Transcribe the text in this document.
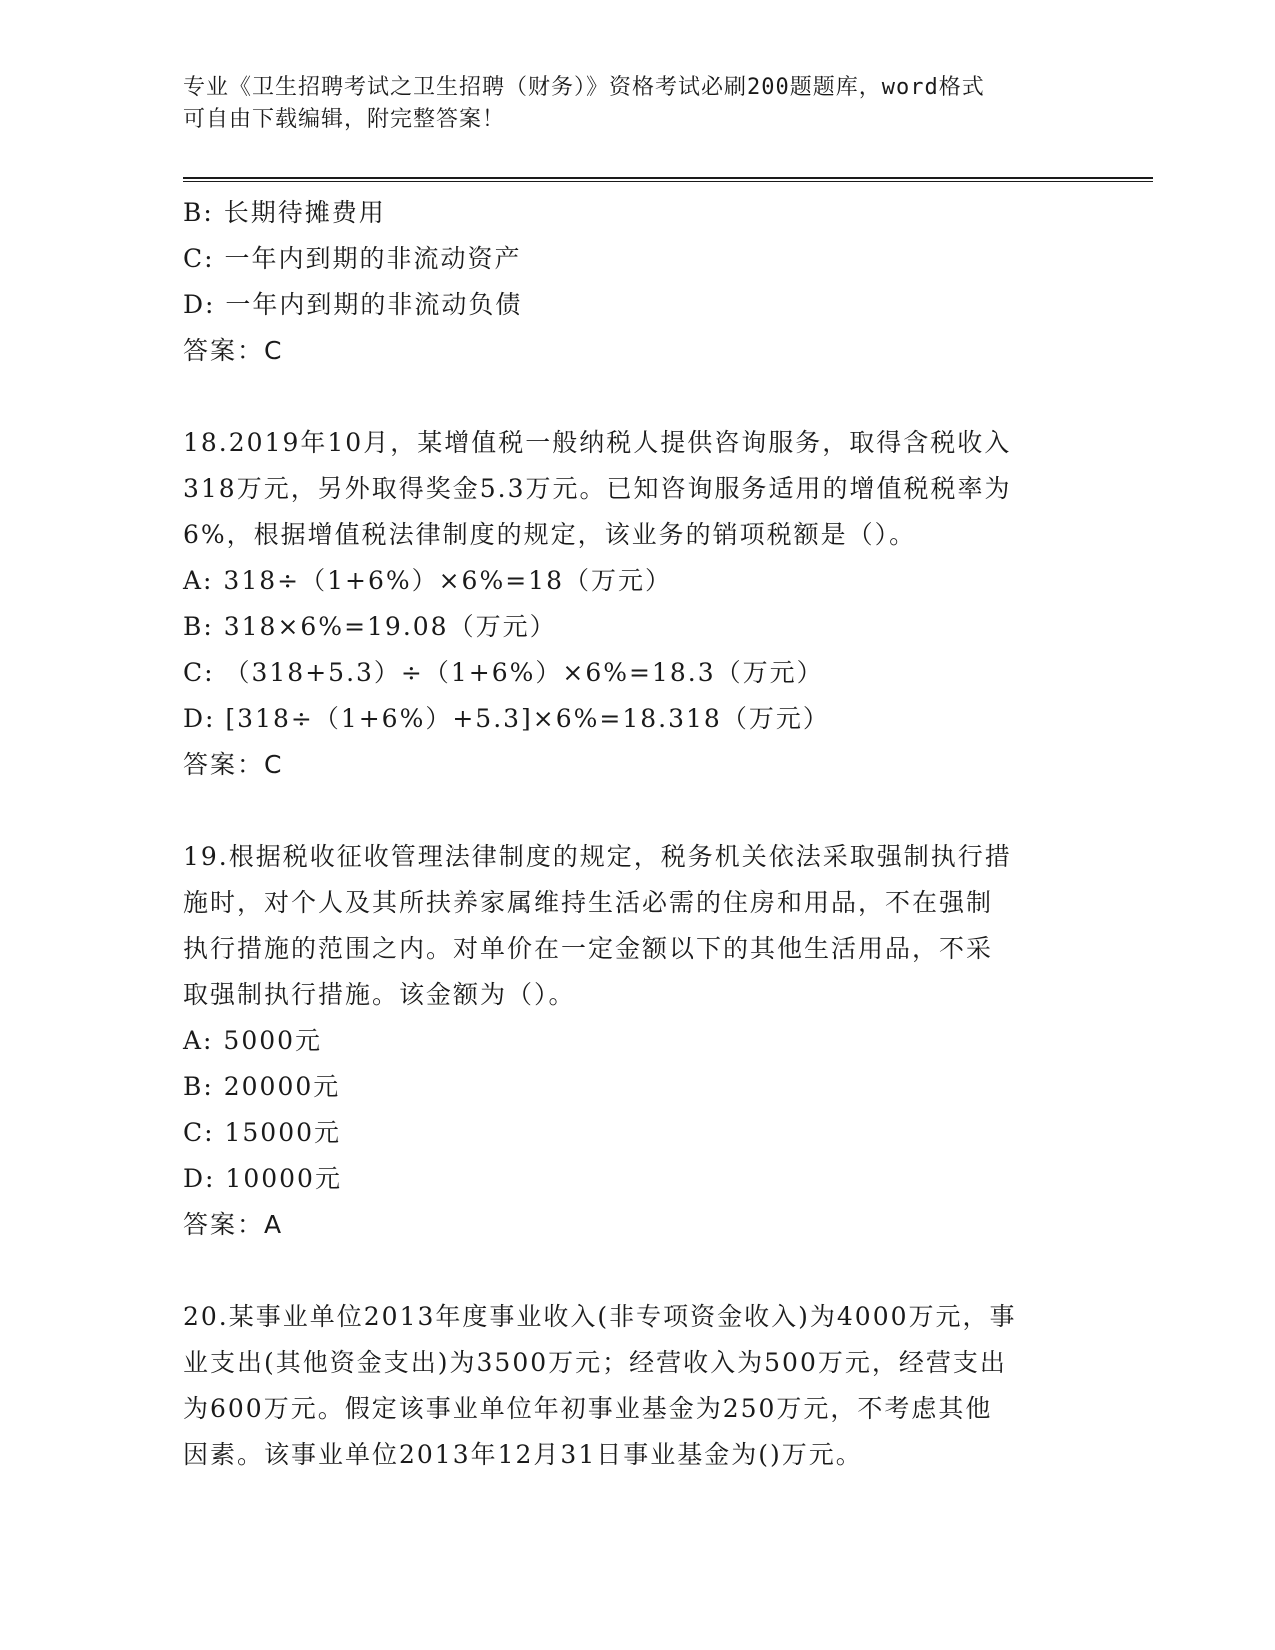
专业《卫生招聘考试之卫生招聘（财务）》资格考试必刷200题题库，word格式
可自由下载编辑，附完整答案！
B: 长期待摊费用
C: 一年内到期的非流动资产
D: 一年内到期的非流动负债
答案：C
18.2019年10月，某增值税一般纳税人提供咨询服务，取得含税收入
318万元，另外取得奖金5.3万元。已知咨询服务适用的增值税税率为
6%，根据增值税法律制度的规定，该业务的销项税额是（）。
A: 318÷（1+6%）×6%=18（万元）
B: 318×6%=19.08（万元）
C: （318+5.3）÷（1+6%）×6%=18.3（万元）
D: [318÷（1+6%）+5.3]×6%=18.318（万元）
答案：C
19.根据税收征收管理法律制度的规定，税务机关依法采取强制执行措
施时，对个人及其所扶养家属维持生活必需的住房和用品，不在强制
执行措施的范围之内。对单价在一定金额以下的其他生活用品，不采
取强制执行措施。该金额为（）。
A: 5000元
B: 20000元
C: 15000元
D: 10000元
答案：A
20.某事业单位2013年度事业收入(非专项资金收入)为4000万元，事
业支出(其他资金支出)为3500万元；经营收入为500万元，经营支出
为600万元。假定该事业单位年初事业基金为250万元，不考虑其他
因素。该事业单位2013年12月31日事业基金为()万元。
